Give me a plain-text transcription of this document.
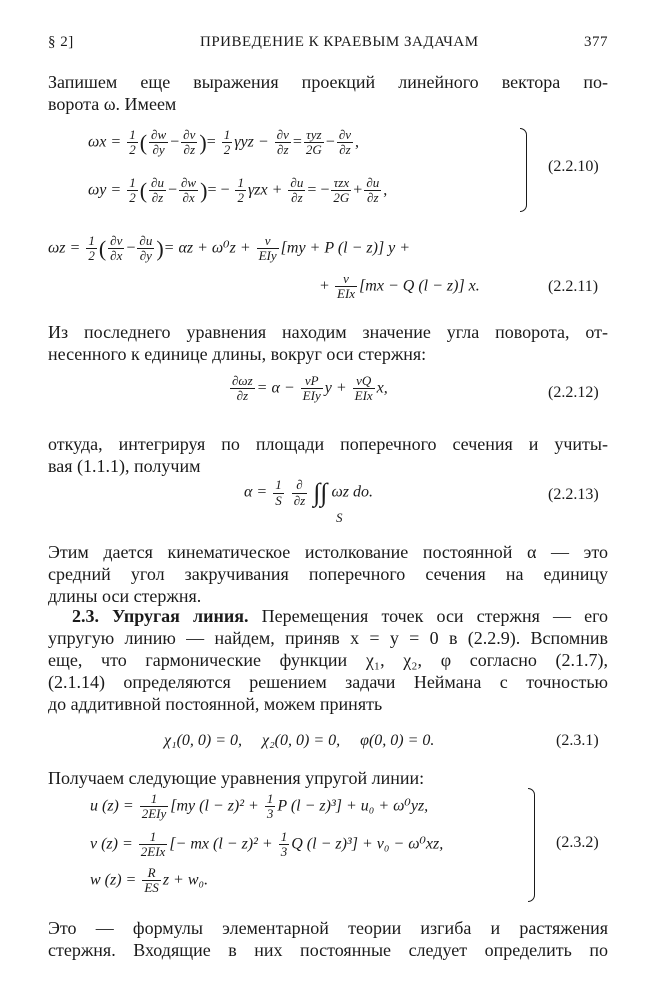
§ 2]	ПРИВЕДЕНИЕ К КРАЕВЫМ ЗАДАЧАМ	377
Запишем еще выражения проекций линейного вектора по-
ворота ω. Имеем
$\omega x = \frac{1}{2}$ ( $\frac{\partial w}{\partial y} - \frac{\partial v}{\partial z}$ )= $\frac{1}{2}$ $\gamma yz - \frac{\partial v}{\partial z} = \frac{\text{τyz}}{2G} - \frac{\partial v}{\partial z}$ ,
$\omega y = \frac{1}{2}$ ( $\frac{\partial u}{\partial z} - \frac{\partial w}{\partial x}$ )= − $\frac{1}{2}$ $\gamma zx + \frac{\partial u}{\partial z}$ = − $\frac{\text{τzx}}{2G} + \frac{\partial u}{\partial z}$ ,
(2.2.10)
$\omega z = \frac{1}{2}$ ( $\frac{\partial v}{\partial x} - \frac{\partial u}{\partial y}$ )= $\alpha z + \omega^0z + \frac{\nu}{\text{EIy}} [my + P$ (l − z)] y +
+ $\frac{\nu}{\text{EIx}} [mx - Q$ (l − z)] x.	(2.2.11)
Из последнего уравнения находим значение угла поворота, от-
несенного к единице длины, вокруг оси стержня:
$\frac{\partial\omega z}{\partial z} = \alpha - \frac{\nu P}{\text{EIy}}$ $y + \frac{\nu Q}{\text{EIx}} x$,	(2.2.12)
откуда, интегрируя по площади поперечного сечения и учиты-
вая (1.1.1), получим
$\alpha = \frac{1}{S}$
$\frac{\partial}{\partial z}$ ∫∫ ωz do.
S
(2.2.13)
Этим дается кинематическое истолкование постоянной α — это
средний угол закручивания поперечного сечения на единицу
длины оси стержня.
2.3. Упругая линия. Перемещения точек оси стержня — его
упругую линию — найдем, приняв x = y = 0 в (2.2.9). Вспомнив
еще, что гармонические функции χ₁, χ₂, φ согласно (2.1.7),
(2.1.14) определяются решением задачи Неймана с точностью
до аддитивной постоянной, можем принять
χ₁(0, 0) = 0,     χ₂(0, 0) = 0,     φ(0, 0) = 0.	(2.3.1)
Получаем следующие уравнения упругой линии:
u $(z) = \frac{1}{\text{2EIy}} [my$ $(l - z)^2 + \frac{1}{3}$ P (l − z)³] + u₀ + ω⁰yz,
v $(z) = \frac{1}{\text{2EIx}}$ [− mx $(l - z)^2 + \frac{1}{3}$ Q (l − z)³] + v₀ − ω⁰xz,
w $(z) = \frac{R}{ES}$ z + w₀.
(2.3.2)
Это — формулы элементарной теории изгиба и растяжения
стержня. Входящие в них постоянные следует определить по
